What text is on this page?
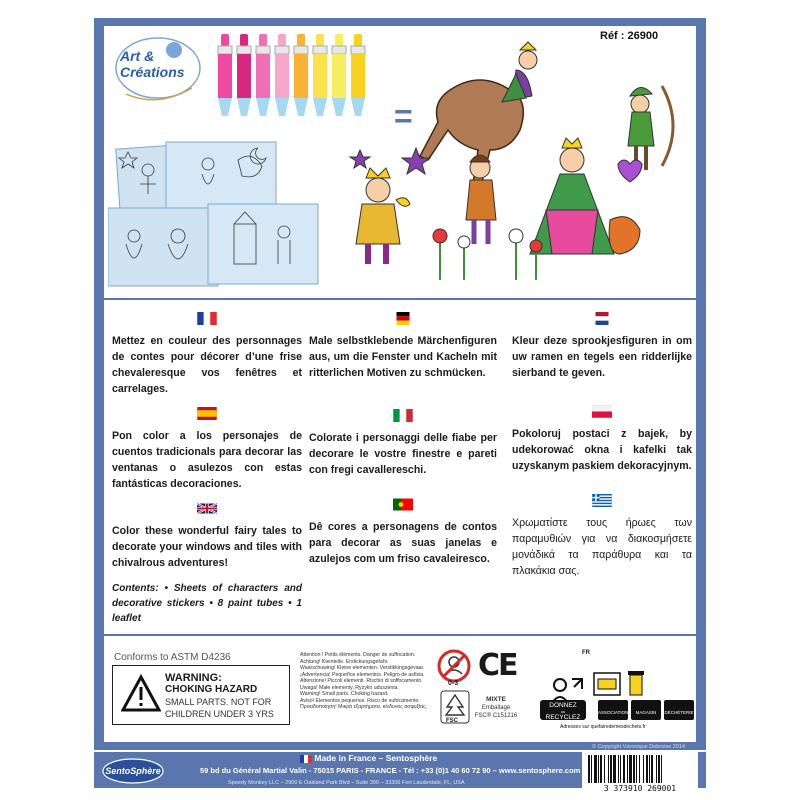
Art &
Créations
Réf : 26900
=

Mettez en couleur des personnages de contes pour décorer d’une frise chevaleresque vos fenêtres et carrelages.

Pon color a los personajes de cuentos tradicionals para decorar las ventanas o asulezos con estas fantásticas decoraciones.

Color these wonderful fairy tales to decorate your windows and tiles with chivalrous adventures!

Contents: • Sheets of characters and decorative stickers • 8 paint tubes • 1 leaflet

Male selbstklebende Märchenfiguren aus, um die Fenster und Kacheln mit ritterlichen Motiven zu schmücken.

Colorate i personaggi delle fiabe per decorare le vostre finestre e pareti con fregi cavallereschi.

Dê cores a personagens de contos para decorar as suas janelas e azulejos com um friso cavaleiresco.

Kleur deze sprookjesfiguren in om uw ramen en tegels een ridderlijke sierband te geven.

Pokoloruj postaci z bajek, by udekorować okna i kafelki tak uzyskanym paskiem dekoracyjnym.

Χρωματίστε τους ήρωες των παραμυθιών για να διακοσμήσετε μονάδικά τα παράθυρα και τα πλακάκια σας.

Conforms to ASTM D4236
WARNING:
CHOKING HAZARD
SMALL PARTS. NOT FOR
CHILDREN UNDER 3 YRS
Attention ! Petits éléments. Danger de suffocation.
Achtung! Kleinteile. Erstickungsgefahr.
Waarschuwing! Kleine elementen. Verstikkingsgevaar.
¡Advertencia! Pequeños elementos. Peligro de asfixia.
Attenzione! Piccoli elementi. Rischio di soffocamento.
Uwaga! Małe elementy. Ryzyko uduszenia.
Warning! Small parts. Choking hazard.
Aviso! Elementos pequenos. Risco de sufocamento.
Προειδοποίηση! Μικρά εξαρτήματα. κίνδυνος ασφυξίας.
0-3
CE
FSC
MIXTE
Emballage
FSC® C151216
FR
DONNEZ
ou
RECYCLEZ
ASSOCIATION	MAGASIN	DÉCHÈTERIE
Adresses sur quefairedemesdechets.fr
© Copyright Véronique Debroise 2014
SentoSphère
Made in France – Sentosphère
59 bd du Général Martial Valin - 75015 PARIS - FRANCE - Tél : +33 (0)1 40 60 72 90 – www.sentosphere.com
Speedy Monkey LLC – 2900 E Oakland Park Blvd – Suite 300 – 33306 Fort Lauderdale, FL, USA
3 373910 269001
